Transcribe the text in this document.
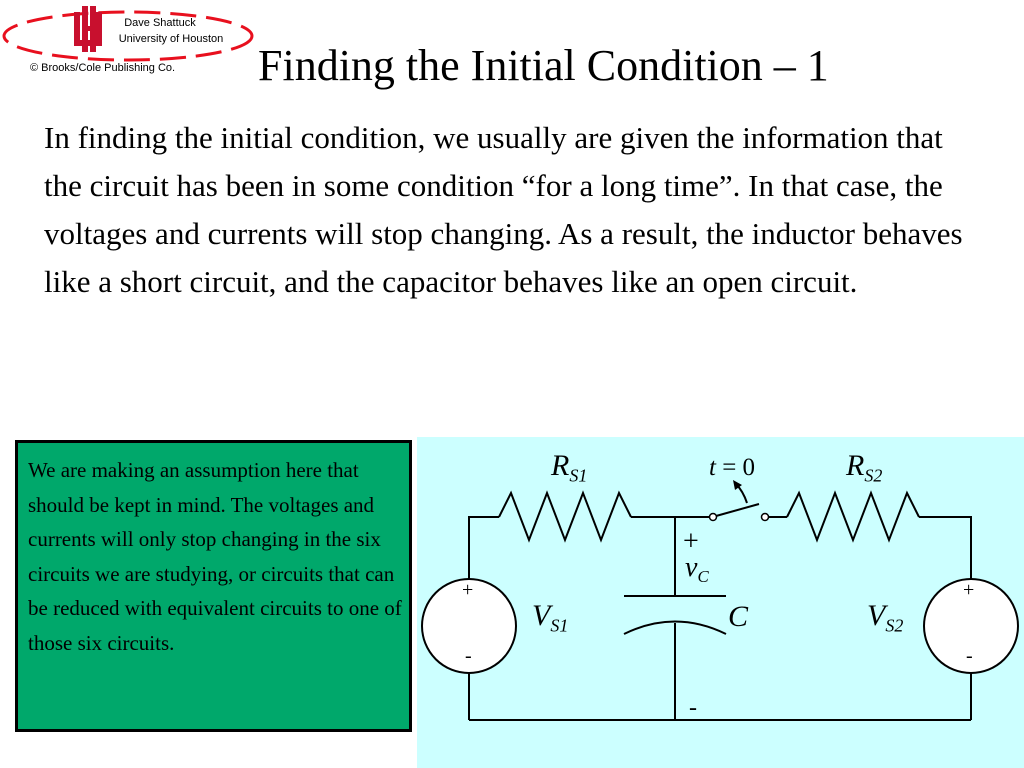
Dave Shattuck
University of Houston
© Brooks/Cole Publishing Co.	Finding the Initial Condition – 1

In finding the initial condition, we usually are given the information that the circuit has been in some condition “for a long time”. In that case, the voltages and currents will stop changing. As a result, the inductor behaves like a short circuit, and the capacitor behaves like an open circuit.

We are making an assumption here that should be kept in mind. The voltages and currents will only stop changing in the six circuits we are studying, or circuits that can be reduced with equivalent circuits to one of those six circuits.

$R_{S1}$	$R_{S2}$
t = 0
+
$v_C$
C
-
$V_{S1}$
+
-
$V_{S2}$
+
-
